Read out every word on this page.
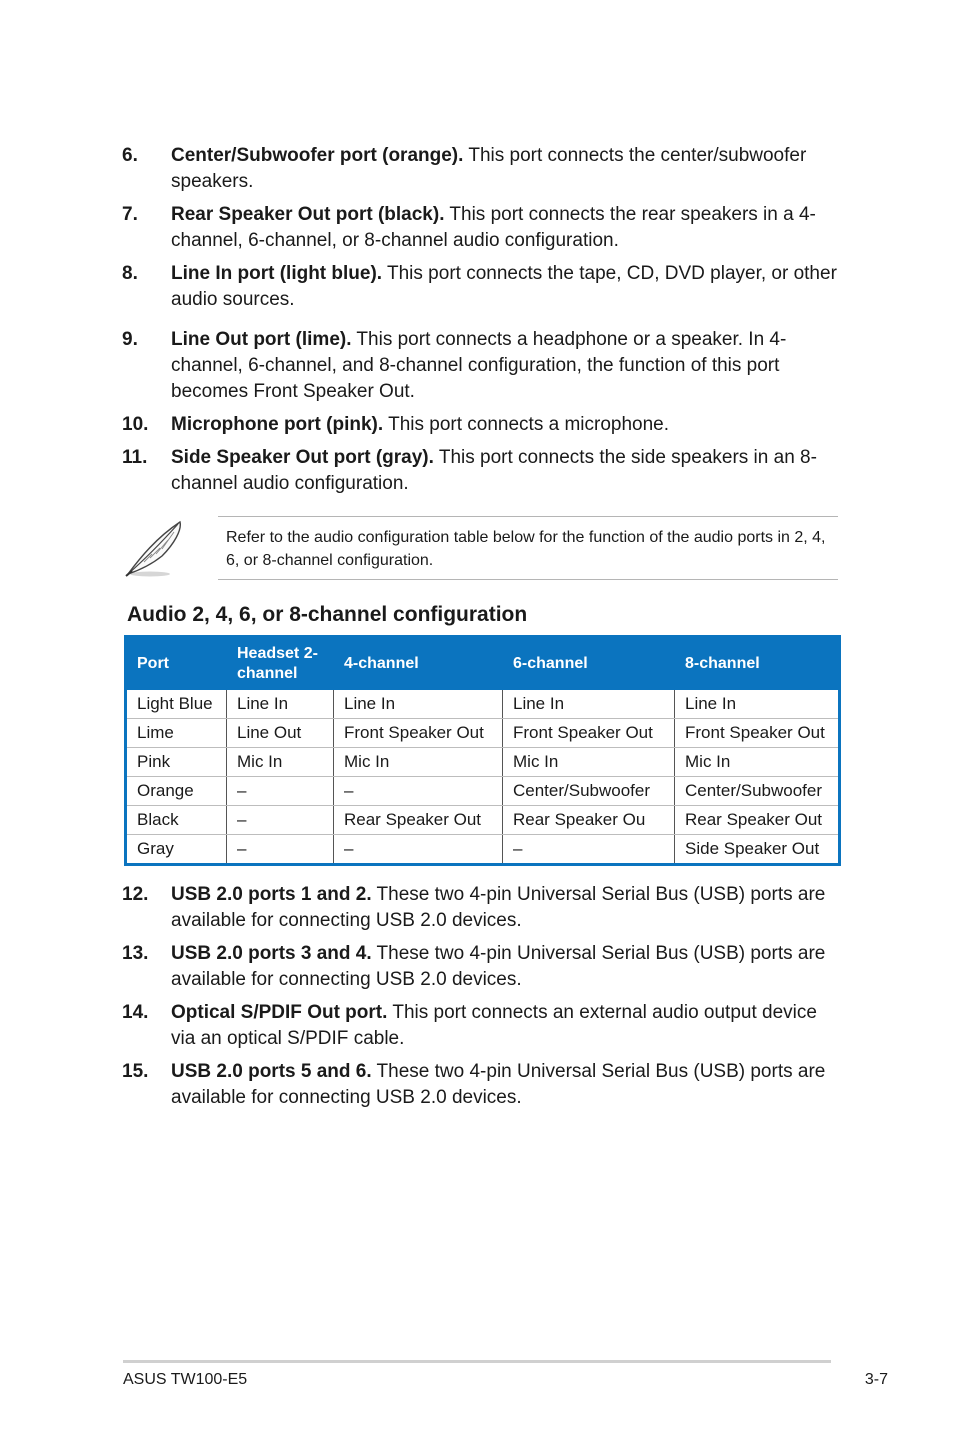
6.	Center/Subwoofer port (orange). This port connects the center/subwoofer speakers.
7.	Rear Speaker Out port (black). This port connects the rear speakers in a 4-channel, 6-channel, or 8-channel audio configuration.
8.	Line In port (light blue). This port connects the tape, CD, DVD player, or other audio sources.
9.	Line Out port (lime). This port connects a headphone or a speaker. In 4-channel, 6-channel, and 8-channel configuration, the function of this port becomes Front Speaker Out.
10.	Microphone port (pink). This port connects a microphone.
11.	Side Speaker Out port (gray). This port connects the side speakers in an 8-channel audio configuration.
Refer to the audio configuration table below for the function of the audio ports in 2, 4, 6, or 8-channel configuration.
Audio 2, 4, 6, or 8-channel configuration
Port	Headset 2-channel	4-channel	6-channel	8-channel
Light Blue	Line In	Line In	Line In	Line In
Lime	Line Out	Front Speaker Out	Front Speaker Out	Front Speaker Out
Pink	Mic In	Mic In	Mic In	Mic In
Orange	–	–	Center/Subwoofer	Center/Subwoofer
Black	–	Rear Speaker Out	Rear Speaker Ou	Rear Speaker Out
Gray	–	–	–	Side Speaker Out
12.	USB 2.0 ports 1 and 2. These two 4-pin Universal Serial Bus (USB) ports are available for connecting USB 2.0 devices.
13.	USB 2.0 ports 3 and 4. These two 4-pin Universal Serial Bus (USB) ports are available for connecting USB 2.0 devices.
14.	Optical S/PDIF Out port. This port connects an external audio output device via an optical S/PDIF cable.
15.	USB 2.0 ports 5 and 6. These two 4-pin Universal Serial Bus (USB) ports are available for connecting USB 2.0 devices.
ASUS TW100-E5	3-7
